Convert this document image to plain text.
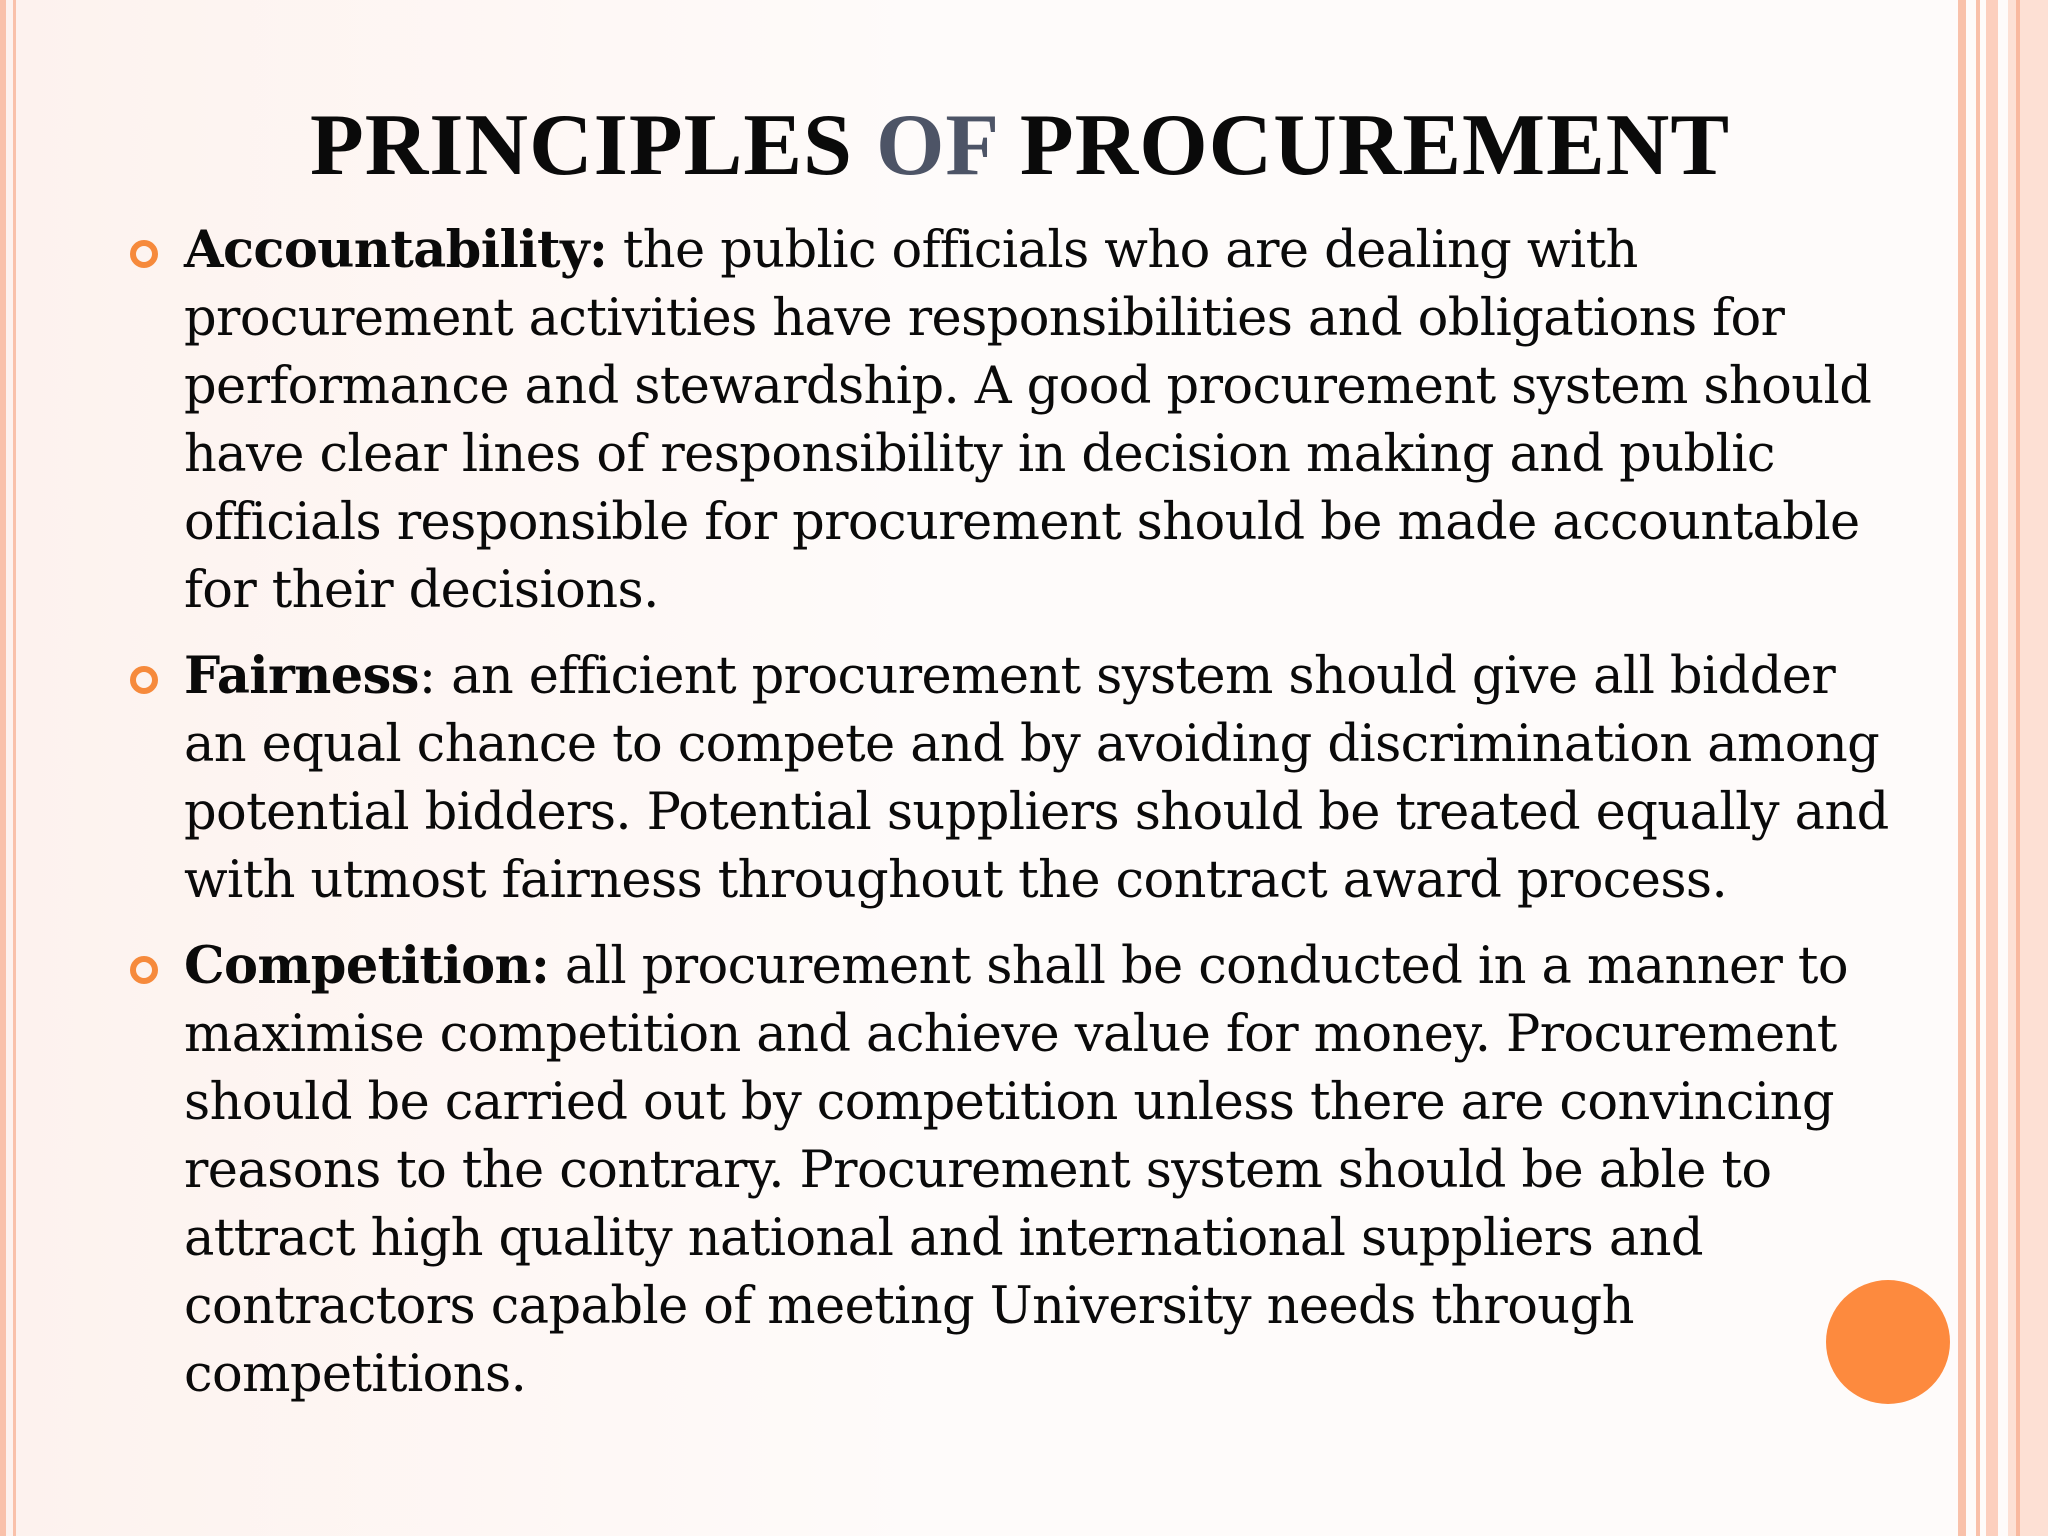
PRINCIPLES OF PROCUREMENT
Accountability: the public officials who are dealing with procurement activities have responsibilities and obligations for performance and stewardship. A good procurement system should have clear lines of responsibility in decision making and public officials responsible for procurement should be made accountable for their decisions.
Fairness: an efficient procurement system should give all bidder an equal chance to compete and by avoiding discrimination among potential bidders. Potential suppliers should be treated equally and with utmost fairness throughout the contract award process.
Competition: all procurement shall be conducted in a manner to maximise competition and achieve value for money. Procurement should be carried out by competition unless there are convincing reasons to the contrary. Procurement system should be able to attract high quality national and international suppliers and contractors capable of meeting University needs through competitions.
